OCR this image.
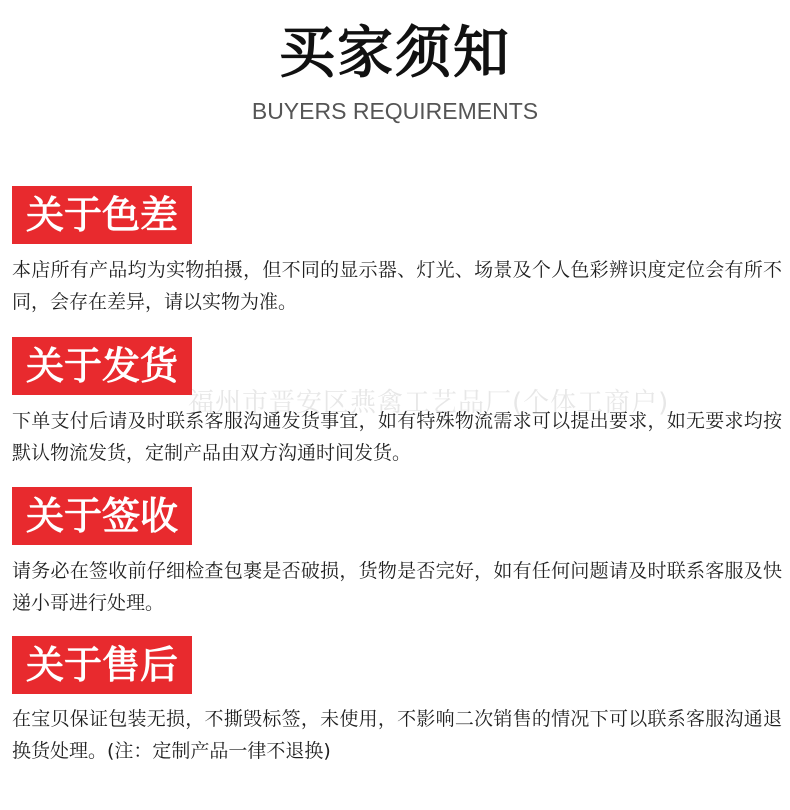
买家须知
BUYERS REQUIREMENTS
关于色差
本店所有产品均为实物拍摄，但不同的显示器、灯光、场景及个人色彩辨识度定位会有所不同，会存在差异，请以实物为准。
关于发货
下单支付后请及时联系客服沟通发货事宜，如有特殊物流需求可以提出要求，如无要求均按默认物流发货，定制产品由双方沟通时间发货。
福州市晋安区燕禽工艺品厂(个体工商户)
关于签收
请务必在签收前仔细检查包裹是否破损，货物是否完好，如有任何问题请及时联系客服及快递小哥进行处理。
关于售后
在宝贝保证包装无损，不撕毁标签，未使用，不影响二次销售的情况下可以联系客服沟通退换货处理。(注：定制产品一律不退换)
